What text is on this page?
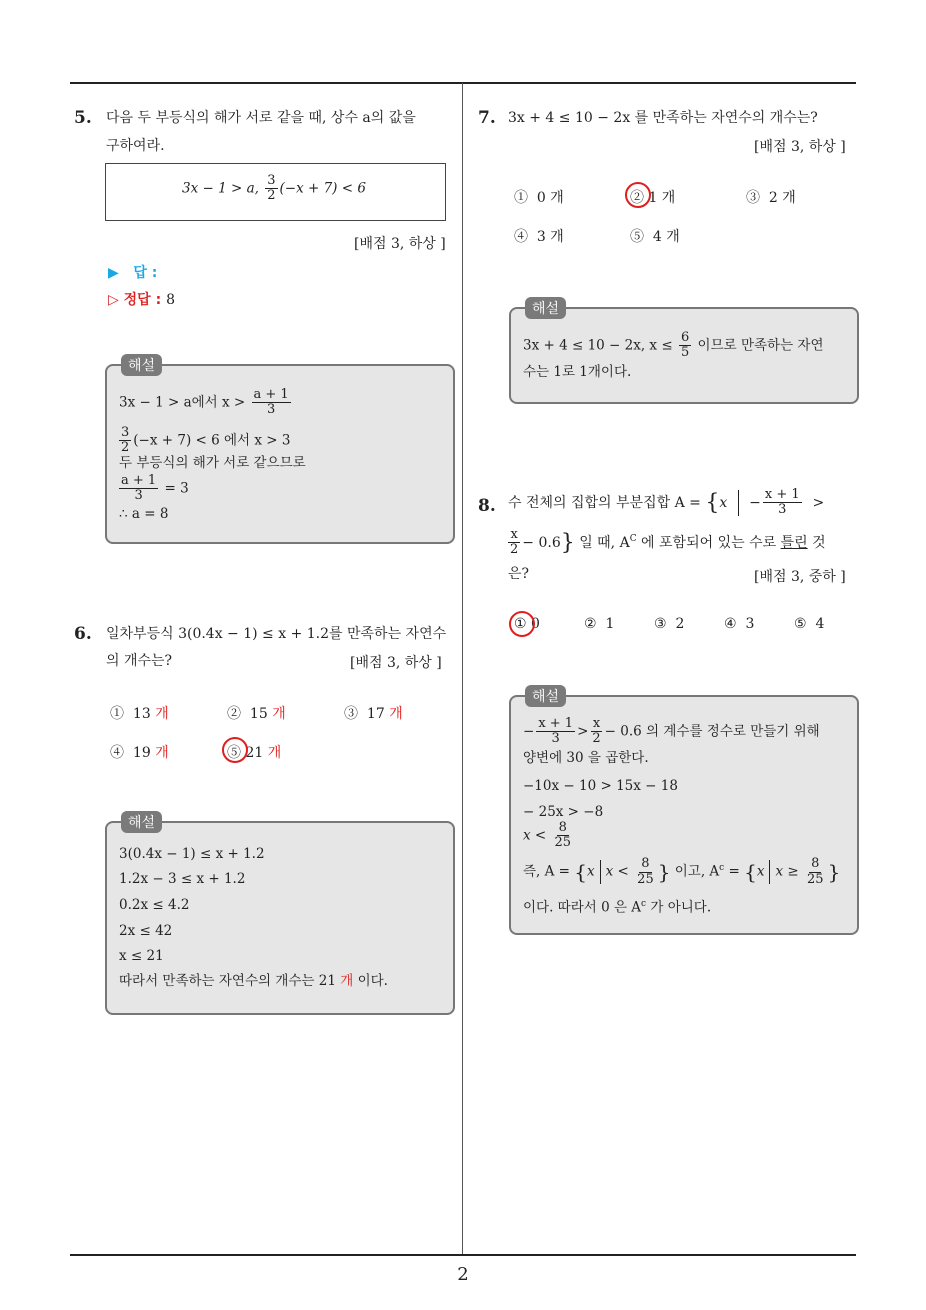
2
5. 다음 두 부등식의 해가 서로 같을 때, 상수 a의 값을
구하여라.
3x − 1 > a, $\frac{3}{2} (-x + 7) < 6$
[배점 3, 하상 ]
▶ 답 :
▷ 정답 : 8
해설
3x − 1 > a에서 $x > \frac{a + 1}{3}$
$\frac{3}{2} (-x + 7) < 6$ 에서 x > 3
두 부등식의 해가 서로 같으므로
$\frac{a + 1}{3} = 3$
∴ a = 8
6. 일차부등식 3(0.4x − 1) ≤ x + 1.2를 만족하는 자연수
의 개수는?	[배점 3, 하상 ]
① 13 개	② 15 개	③ 17 개
④ 19 개	⑤ 21 개
해설
3(0.4x − 1) ≤ x + 1.2
1.2x − 3 ≤ x + 1.2
0.2x ≤ 4.2
2x ≤ 42
x ≤ 21
따라서 만족하는 자연수의 개수는 21 개 이다.
7. 3x + 4 ≤ 10 − 2x 를 만족하는 자연수의 개수는?
[배점 3, 하상 ]
① 0 개	② 1 개	③ 2 개
④ 3 개	⑤ 4 개
해설
3x + 4 ≤ 10 − 2x, $x \le \frac{6}{5}$ 이므로 만족하는 자연
수는 1로 1개이다.
8. 수 전체의 집합의 부분집합 $A = \{x - \frac{x + 1}{3}$ >
$\frac{x}{2} - 0.6$} 일 때, $A^C$ 에 포함되어 있는 수로 틀린 것
은?	[배점 3, 중하 ]
① 0	② 1	③ 2	④ 3	⑤ 4
해설
− $\frac{x + 1}{3} > \frac{x}{2} - 0.6$ 의 계수를 정수로 만들기 위해
양변에 30 을 곱한다.
−10x − 10 > 15x − 18
− 25x > −8
$x < \frac{8}{25}$
즉, A = {x $x < \frac{8}{25}$ } 이고, $A^c = \{x$ $x \ge \frac{8}{25}$ }
이다. 따라서 0 은 $A^c$ 가 아니다.
